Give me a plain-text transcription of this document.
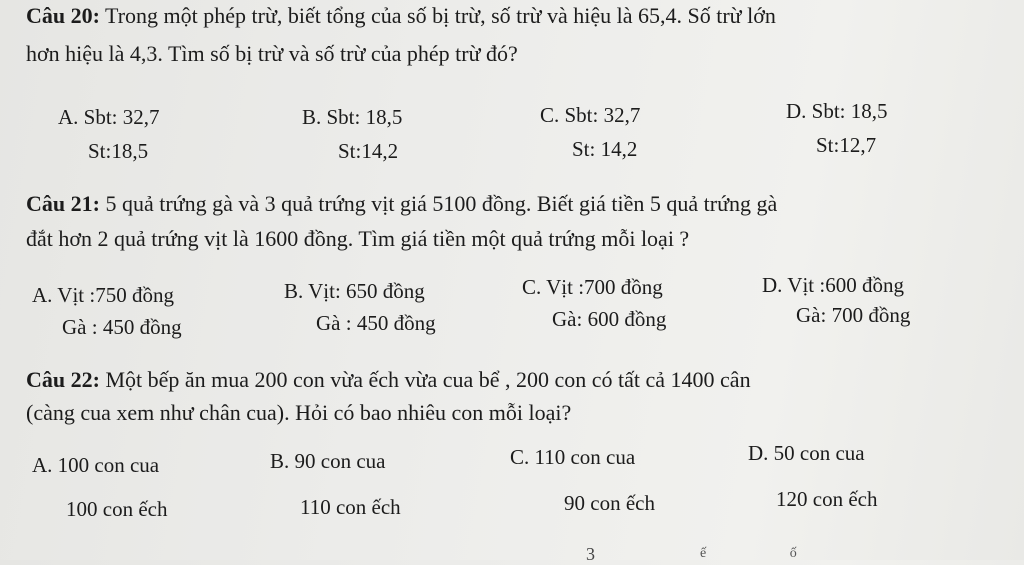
Câu 20: Trong một phép trừ, biết tổng của số bị trừ, số trừ và hiệu là 65,4. Số trừ lớn
hơn hiệu là 4,3. Tìm số bị trừ và số trừ của phép trừ đó?
A. Sbt: 32,7
St:18,5
B. Sbt: 18,5
St:14,2
C. Sbt: 32,7
St: 14,2
D. Sbt: 18,5
St:12,7
Câu 21: 5 quả trứng gà và 3 quả trứng vịt giá 5100 đồng. Biết giá tiền 5 quả trứng gà
đắt hơn 2 quả trứng vịt là 1600 đồng. Tìm giá tiền một quả trứng mỗi loại ?
A. Vịt :750 đồng
Gà : 450 đồng
B. Vịt: 650 đồng
Gà : 450 đồng
C. Vịt :700 đồng
Gà: 600 đồng
D. Vịt :600 đồng
Gà: 700 đồng
Câu 22: Một bếp ăn mua 200 con vừa ếch vừa cua bể , 200 con có tất cả 1400 cân
(càng cua xem như chân cua). Hỏi có bao nhiêu con mỗi loại?
A. 100 con cua
100 con ếch
B. 90 con cua
110 con ếch
C. 110 con cua
90 con ếch
D. 50 con cua
120 con ếch
3	ế ố
